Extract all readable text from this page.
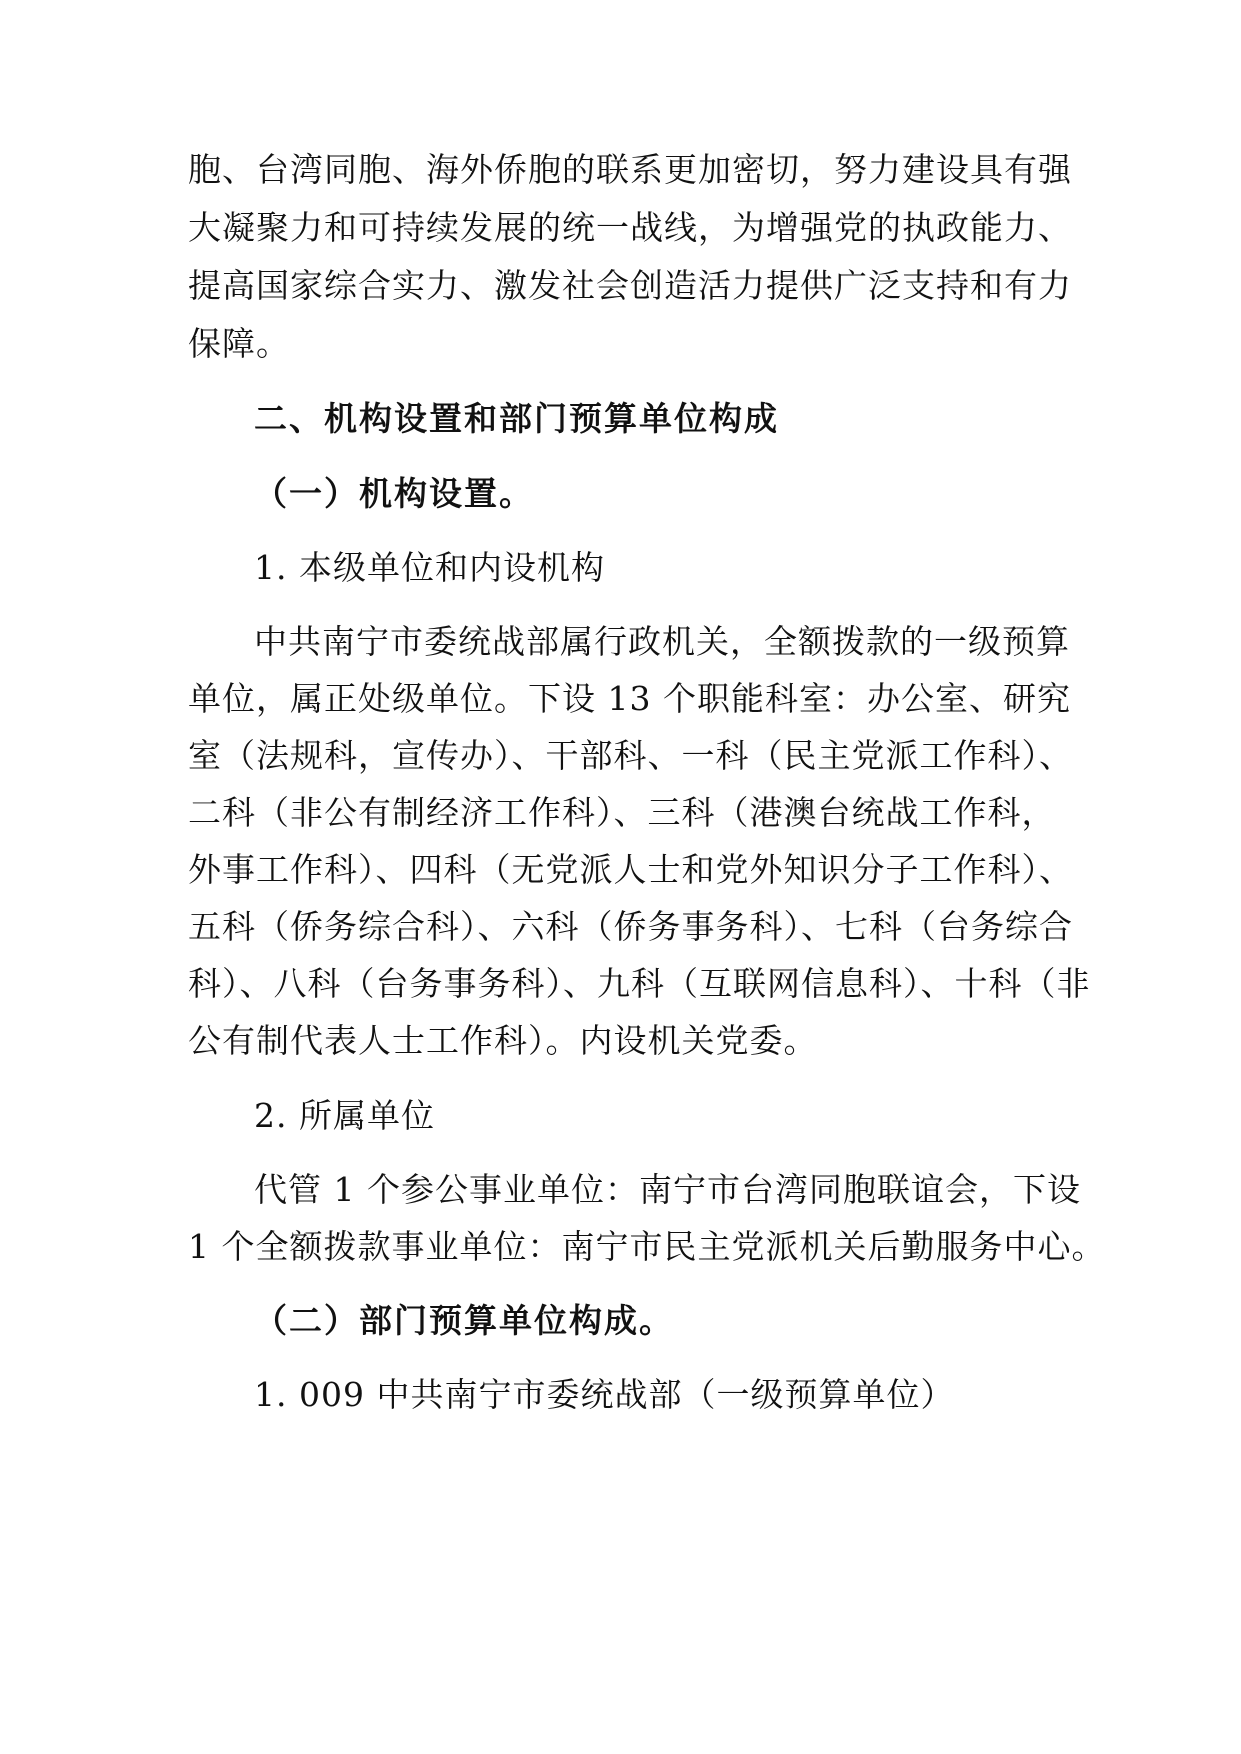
胞、台湾同胞、海外侨胞的联系更加密切，努力建设具有强
大凝聚力和可持续发展的统一战线，为增强党的执政能力、
提高国家综合实力、激发社会创造活力提供广泛支持和有力
保障。
二、机构设置和部门预算单位构成
（一）机构设置。
1. 本级单位和内设机构
中共南宁市委统战部属行政机关，全额拨款的一级预算
单位，属正处级单位。下设 13 个职能科室：办公室、研究
室（法规科，宣传办）、干部科、一科（民主党派工作科）、
二科（非公有制经济工作科）、三科（港澳台统战工作科，
外事工作科）、四科（无党派人士和党外知识分子工作科）、
五科（侨务综合科）、六科（侨务事务科）、七科（台务综合
科）、八科（台务事务科）、九科（互联网信息科）、十科（非
公有制代表人士工作科）。内设机关党委。
2. 所属单位
代管 1 个参公事业单位：南宁市台湾同胞联谊会，下设
1 个全额拨款事业单位：南宁市民主党派机关后勤服务中心。
（二）部门预算单位构成。
1. 009 中共南宁市委统战部（一级预算单位）
